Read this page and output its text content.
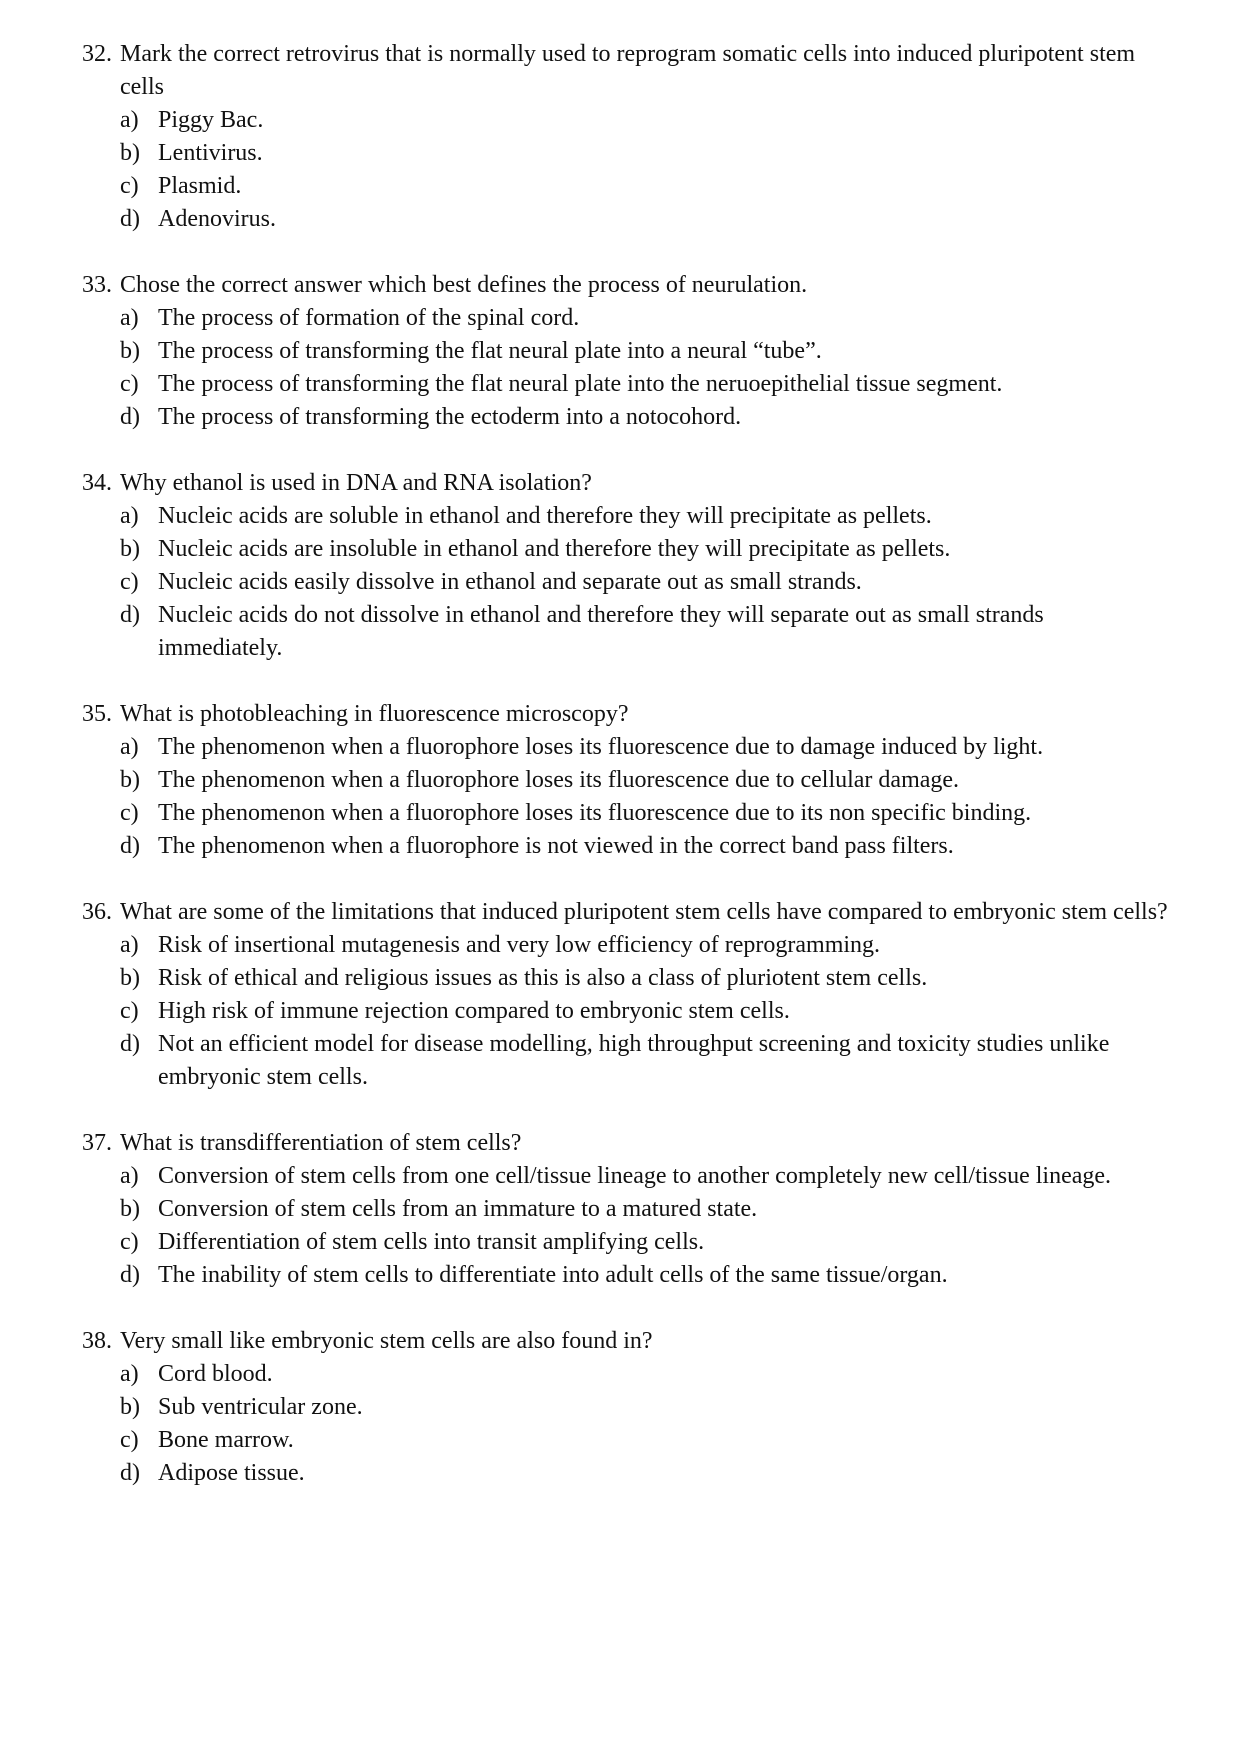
32. Mark the correct retrovirus that is normally used to reprogram somatic cells into induced pluripotent stem cells
a) Piggy Bac.
b) Lentivirus.
c) Plasmid.
d) Adenovirus.
33. Chose the correct answer which best defines the process of neurulation.
a) The process of formation of the spinal cord.
b) The process of transforming the flat neural plate into a neural “tube”.
c) The process of transforming the flat neural plate into the neruoepithelial tissue segment.
d) The process of transforming the ectoderm into a notocohord.
34. Why ethanol is used in DNA and RNA isolation?
a) Nucleic acids are soluble in ethanol and therefore they will precipitate as pellets.
b) Nucleic acids are insoluble in ethanol and therefore they will precipitate as pellets.
c) Nucleic acids easily dissolve in ethanol and separate out as small strands.
d) Nucleic acids do not dissolve in ethanol and therefore they will separate out as small strands immediately.
35. What is photobleaching in fluorescence microscopy?
a) The phenomenon when a fluorophore loses its fluorescence due to damage induced by light.
b) The phenomenon when a fluorophore loses its fluorescence due to cellular damage.
c) The phenomenon when a fluorophore loses its fluorescence due to its non specific binding.
d) The phenomenon when a fluorophore is not viewed in the correct band pass filters.
36. What are some of the limitations that induced pluripotent stem cells have compared to embryonic stem cells?
a) Risk of insertional mutagenesis and very low efficiency of reprogramming.
b) Risk of ethical and religious issues as this is also a class of pluriotent stem cells.
c) High risk of immune rejection compared to embryonic stem cells.
d) Not an efficient model for disease modelling, high throughput screening and toxicity studies unlike embryonic stem cells.
37. What is transdifferentiation of stem cells?
a) Conversion of stem cells from one cell/tissue lineage to another completely new cell/tissue lineage.
b) Conversion of stem cells from an immature to a matured state.
c) Differentiation of stem cells into transit amplifying cells.
d) The inability of stem cells to differentiate into adult cells of the same tissue/organ.
38. Very small like embryonic stem cells are also found in?
a) Cord blood.
b) Sub ventricular zone.
c) Bone marrow.
d) Adipose tissue.
